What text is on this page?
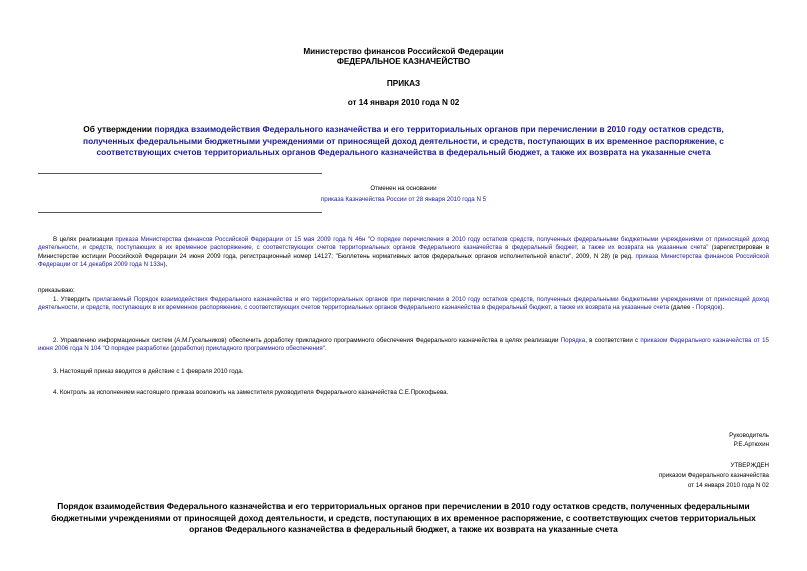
Министерство финансов Российской Федерации
ФЕДЕРАЛЬНОЕ КАЗНАЧЕЙСТВО
ПРИКАЗ
от 14 января 2010 года N 02
Об утверждении порядка взаимодействия Федерального казначейства и его территориальных органов при перечислении в 2010 году остатков средств, полученных федеральными бюджетными учреждениями от приносящей доход деятельности, и средств, поступающих в их временное распоряжение, с соответствующих счетов территориальных органов Федерального казначейства в федеральный бюджет, а также их возврата на указанные счета
Отменен на основании
приказа Казначейства России от 28 января 2010 года N 5
В целях реализации приказа Министерства финансов Российской Федерации от 15 мая 2009 года N 46н "О порядке перечисления в 2010 году остатков средств, полученных федеральными бюджетными учреждениями от приносящей доход деятельности, и средств, поступающих в их временное распоряжение, с соответствующих счетов территориальных органов Федерального казначейства в федеральный бюджет, а также их возврата на указанные счета" (зарегистрирован в Министерстве юстиции Российской Федерации 24 июня 2009 года, регистрационный номер 14127; "Бюллетень нормативных актов федеральных органов исполнительной власти", 2009, N 28) (в ред. приказа Министерства финансов Российской Федерации от 14 декабря 2009 года N 133н),
приказываю:
1. Утвердить прилагаемый Порядок взаимодействия Федерального казначейства и его территориальных органов при перечислении в 2010 году остатков средств, полученных федеральными бюджетными учреждениями от приносящей доход деятельности, и средств, поступающих в их временное распоряжение, с соответствующих счетов территориальных органов Федерального казначейства в федеральный бюджет, а также их возврата на указанные счета (далее - Порядок).
2. Управлению информационных систем (А.М.Гусельников) обеспечить доработку прикладного программного обеспечения Федерального казначейства в целях реализации Порядка, в соответствии с приказом Федерального казначейства от 15 июня 2006 года N 104 "О порядке разработки (доработки) прикладного программного обеспечения".
3. Настоящий приказ вводится в действие с 1 февраля 2010 года.
4. Контроль за исполнением настоящего приказа возложить на заместителя руководителя Федерального казначейства С.Е.Прокофьева.
Руководитель
Р.Е.Артюхин
УТВЕРЖДЕН
приказом Федерального казначейства
от 14 января 2010 года N 02
Порядок взаимодействия Федерального казначейства и его территориальных органов при перечислении в 2010 году остатков средств, полученных федеральными бюджетными учреждениями от приносящей доход деятельности, и средств, поступающих в их временное распоряжение, с соответствующих счетов территориальных органов Федерального казначейства в федеральный бюджет, а также их возврата на указанные счета
